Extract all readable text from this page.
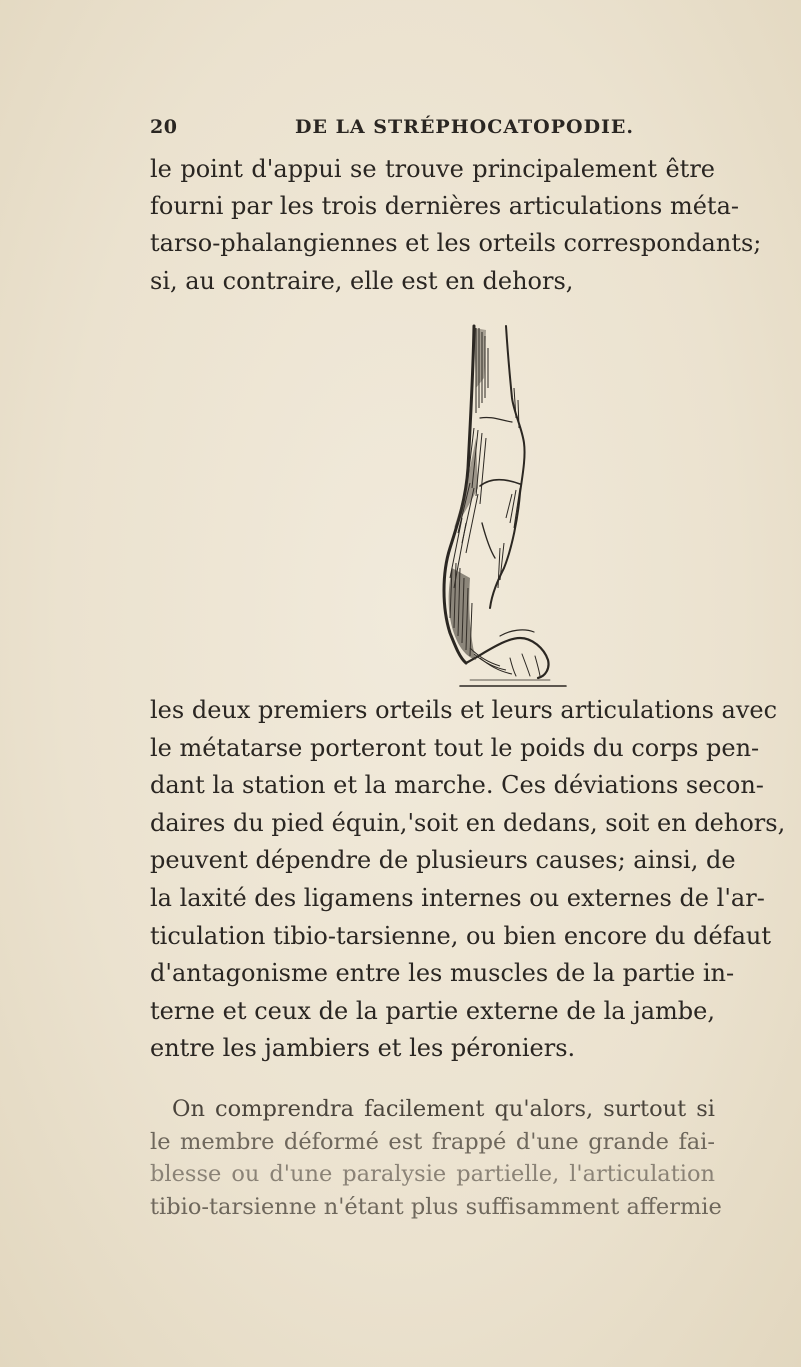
20	DE LA STRÉPHOCATOPODIE.
le point d'appui se trouve principalement être
fourni par les trois dernières articulations méta-
tarso-phalangiennes et les orteils correspondants;
si, au contraire, elle est en dehors,
les deux premiers orteils et leurs articulations avec
le métatarse porteront tout le poids du corps pen-
dant la station et la marche. Ces déviations secon-
daires du pied équin,'soit en dedans, soit en dehors,
peuvent dépendre de plusieurs causes; ainsi, de
la laxité des ligamens internes ou externes de l'ar-
ticulation tibio-tarsienne, ou bien encore du défaut
d'antagonisme entre les muscles de la partie in-
terne et ceux de la partie externe de la jambe,
entre les jambiers et les péroniers.
On comprendra facilement qu'alors, surtout si
le membre déformé est frappé d'une grande fai-
blesse ou d'une paralysie partielle, l'articulation
tibio-tarsienne n'étant plus suffisamment affermie
